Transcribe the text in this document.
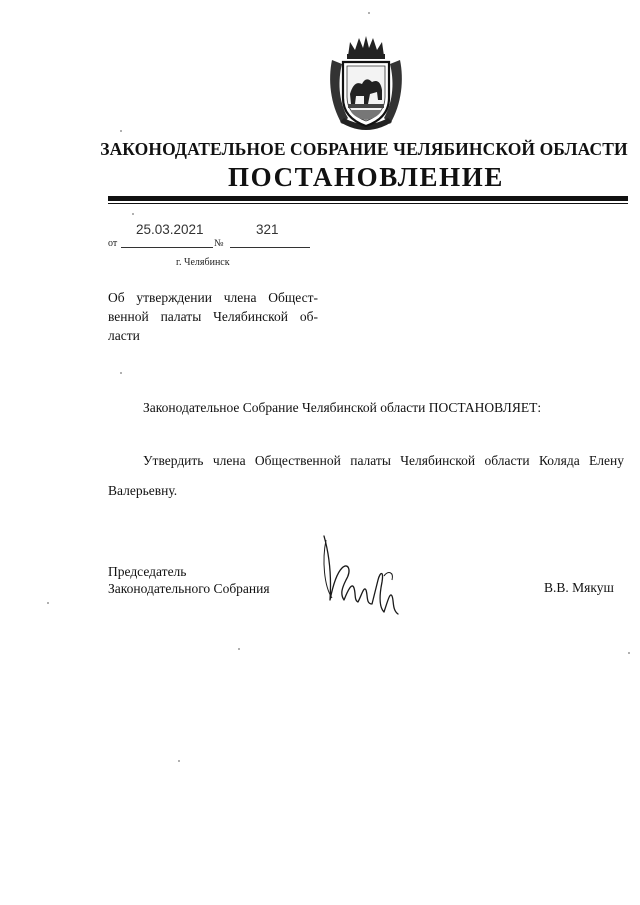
ЗАКОНОДАТЕЛЬНОЕ СОБРАНИЕ ЧЕЛЯБИНСКОЙ ОБЛАСТИ
ПОСТАНОВЛЕНИЕ
25.03.2021	321
от	№
г. Челябинск
Об утверждении члена Общест-венной палаты Челябинской об-ласти
Законодательное Собрание Челябинской области ПОСТАНОВЛЯЕТ:
Утвердить члена Общественной палаты Челябинской области Коляда Елену Валерьевну.
Председатель
Законодательного Собрания	В.В. Мякуш
